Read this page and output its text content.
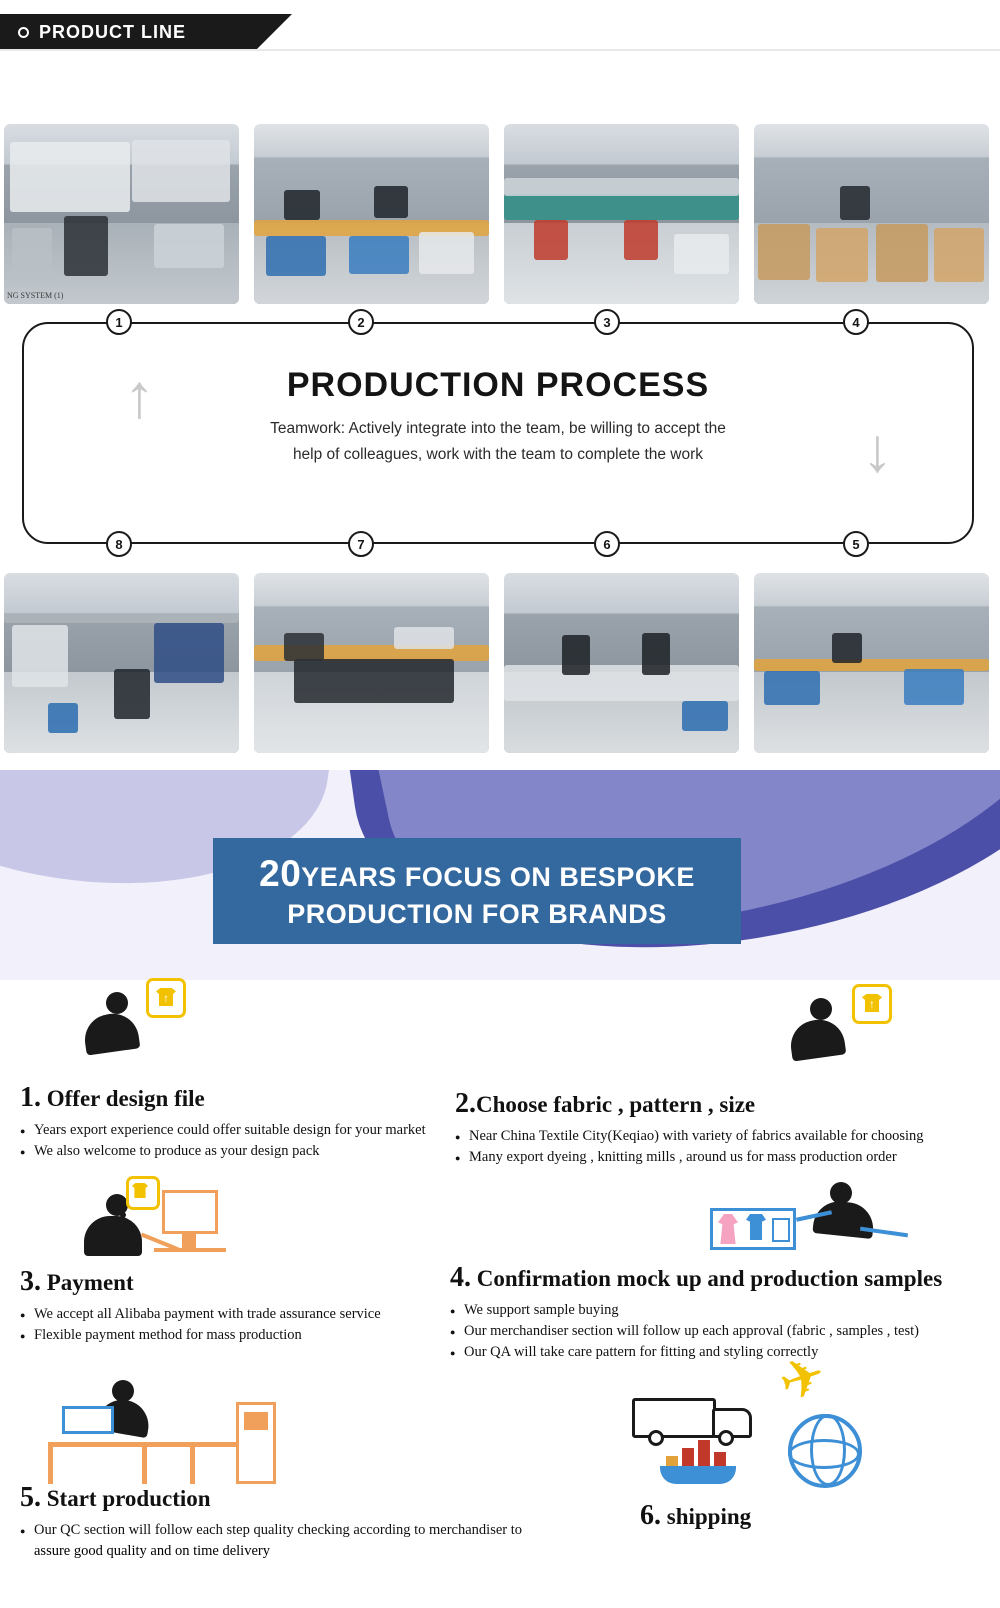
PRODUCT LINE
NG SYSTEM (1)
PRODUCTION PROCESS
Teamwork: Actively integrate into the team, be willing to accept the help of colleagues, work with the team to complete the work
↑
↓
1	2	3	4
8	7	6	5
20YEARS FOCUS ON BESPOKE
PRODUCTION FOR BRANDS
↑
1. Offer design file
● Years export experience could offer suitable design for your market
● We also welcome to produce as your design pack
↑
2.Choose fabric , pattern , size
● Near China Textile City(Keqiao) with variety of fabrics available for choosing
● Many export dyeing , knitting mills , around us for mass production order
3. Payment
● We accept all Alibaba payment with trade assurance service
● Flexible payment method for mass production
4. Confirmation mock up and production samples
● We support sample buying
● Our merchandiser section will follow up each approval (fabric , samples , test)
● Our QA will take care pattern for fitting and styling correctly
5. Start production
● Our QC section will follow each step quality checking according to merchandiser to

assure good quality and on time delivery

✈
6. shipping
